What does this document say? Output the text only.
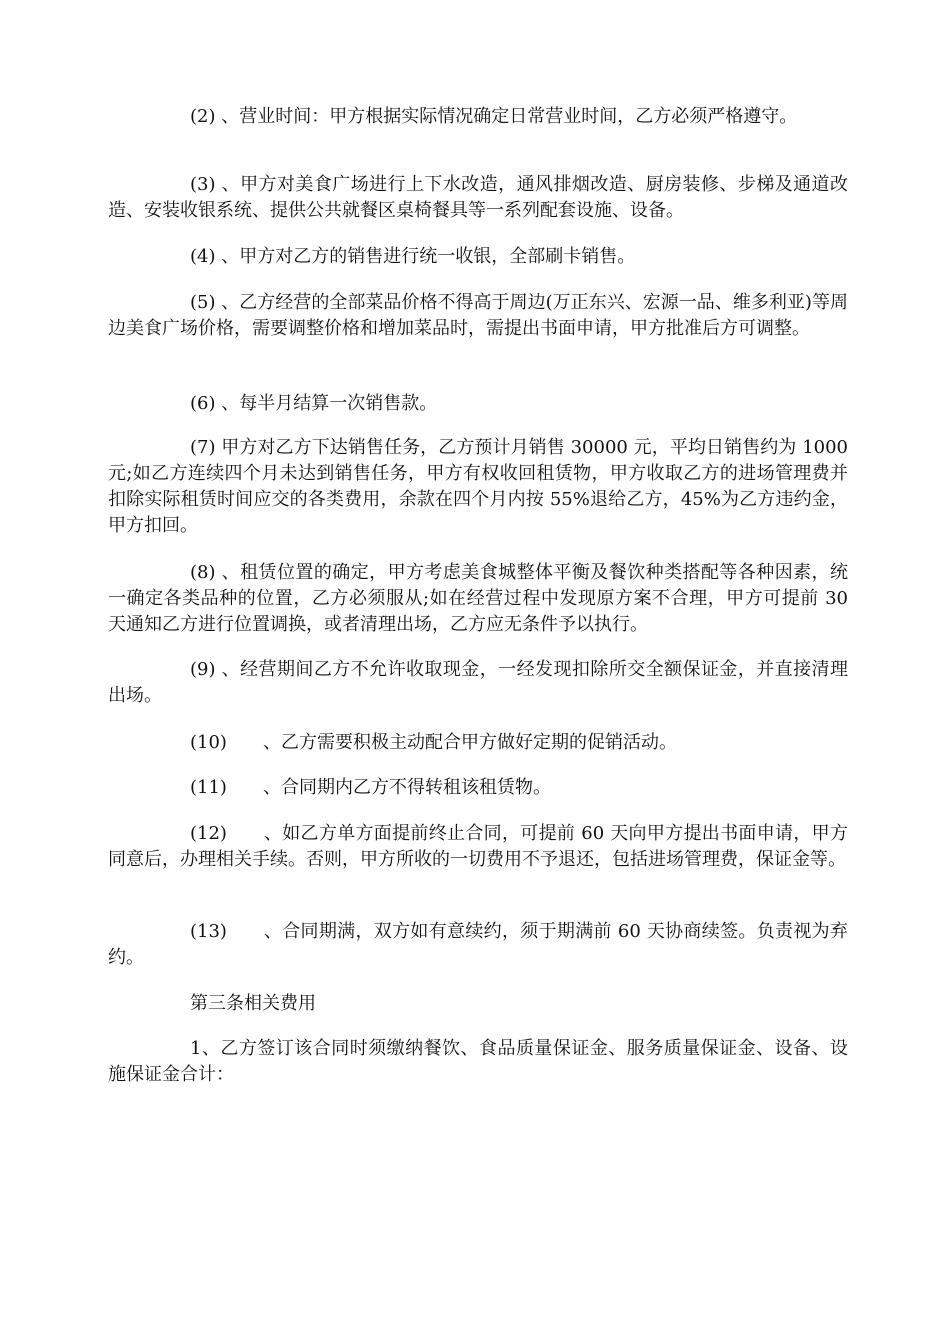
(2) 、营业时间：甲方根据实际情况确定日常营业时间，乙方必须严格遵守。

(3) 、甲方对美食广场进行上下水改造，通风排烟改造、厨房装修、步梯及通道改造、安装收银系统、提供公共就餐区桌椅餐具等一系列配套设施、设备。

(4) 、甲方对乙方的销售进行统一收银，全部刷卡销售。

(5) 、乙方经营的全部菜品价格不得高于周边(万正东兴、宏源一品、维多利亚)等周边美食广场价格，需要调整价格和增加菜品时，需提出书面申请，甲方批准后方可调整。

(6) 、每半月结算一次销售款。

(7) 甲方对乙方下达销售任务，乙方预计月销售 30000 元，平均日销售约为 1000 元;如乙方连续四个月未达到销售任务，甲方有权收回租赁物，甲方收取乙方的进场管理费并扣除实际租赁时间应交的各类费用，余款在四个月内按 55%退给乙方，45%为乙方违约金，甲方扣回。

(8) 、租赁位置的确定，甲方考虑美食城整体平衡及餐饮种类搭配等各种因素，统一确定各类品种的位置，乙方必须服从;如在经营过程中发现原方案不合理，甲方可提前 30 天通知乙方进行位置调换，或者清理出场，乙方应无条件予以执行。

(9) 、经营期间乙方不允许收取现金，一经发现扣除所交全额保证金，并直接清理出场。

(10)　　、乙方需要积极主动配合甲方做好定期的促销活动。

(11)　　、合同期内乙方不得转租该租赁物。

(12)　　、如乙方单方面提前终止合同，可提前 60 天向甲方提出书面申请，甲方同意后，办理相关手续。否则，甲方所收的一切费用不予退还，包括进场管理费，保证金等。

(13)　　、合同期满，双方如有意续约，须于期满前 60 天协商续签。负责视为弃约。

第三条相关费用

1、乙方签订该合同时须缴纳餐饮、食品质量保证金、服务质量保证金、设备、设施保证金合计：
